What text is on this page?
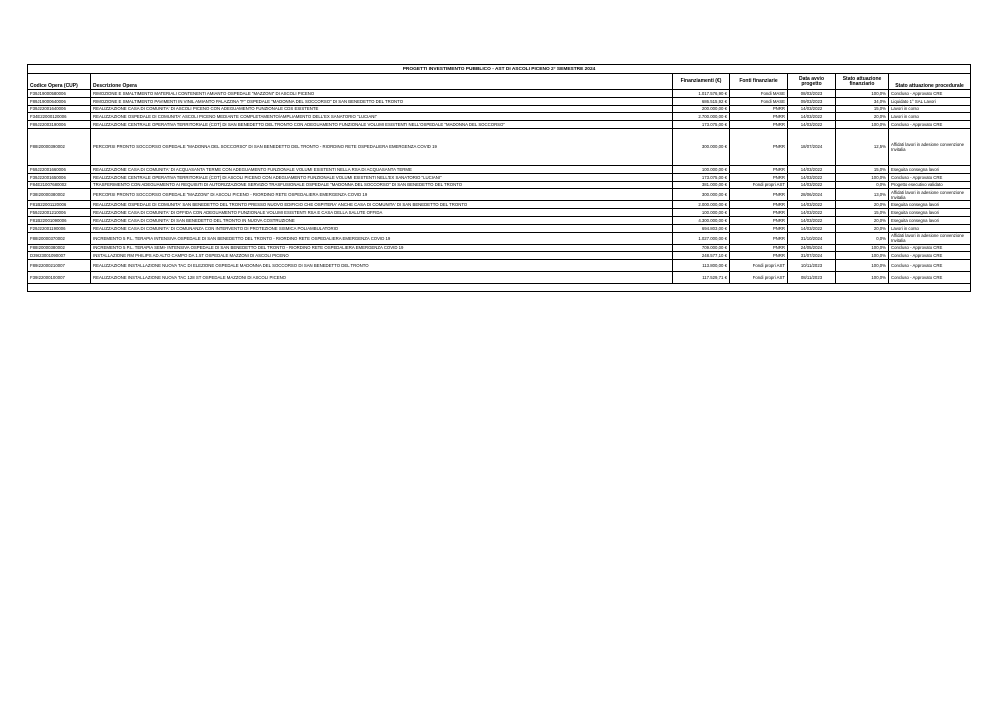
PROGETTI INVESTIMENTO PUBBLICO - AST DI ASCOLI PICENO 2° SEMESTRE 2024						
Codice Opera (CUP)	Descrizione Opera	Finanziamenti (€)	Fonti finanziarie	Data avvio progetto	Stato attuazione finanziario	Stato attuazione procedurale
F39J19000580006	RIMOZIONE E SMALTIMENTO MATERIALI CONTENENTI AMIANTO OSPEDALE "MAZZONI" DI ASCOLI PICENO	1.017.576,90 €	Fondi MASE	08/03/2023	100,0%	Concluso - Approvato CRE
F89J19000640006	RIMOZIONE E SMALTIMENTO PAVIMENTI IN VINIL AMIANTO PALAZZINA "F" OSPEDALE "MADONNA DEL SOCCORSO" DI SAN BENEDETTO DEL TRONTO	686.515,92 €	Fondi MASE	09/03/2023	34,0%	Liquidato 1° SAL Lavori
F39J22001640006	REALIZZAZIONE CASA DI COMUNITA' DI ASCOLI PICENO CON ADEGUAMENTO FUNZIONALE CDS ESISTENTE	200.000,00 €	PNRR	14/03/2022	15,0%	Lavori in corso
F34E22000120006	REALIZZAZIONE OSPEDALE DI COMUNITA' ASCOLI PICENO MEDIANTE COMPLETAMENTO/AMPLIAMENTO DELL'EX SANATORIO "LUCIANI"	2.700.000,00 €	PNRR	14/03/2022	20,0%	Lavori in corso
F89J22003190006	REALIZZAZIONE CENTRALE OPERATIVA TERRITORIALE (COT) DI SAN BENEDETTO DEL TRONTO CON ADEGUAMENTO FUNZIONALE VOLUMI ESISTENTI NELL'OSPEDALE "MADONNA DEL SOCCORSO"	173.075,00 €	PNRR	14/03/2022	100,0%	Concluso - Approvato CRE
F88I20000390002	PERCORSI PRONTO SOCCORSO OSPEDALE "MADONNA DEL SOCCORSO" DI SAN BENEDETTO DEL TRONTO - RIORDINO RETE OSPEDALIERA EMERGENZA COVID 19	300.000,00 €	PNRR	18/07/2024	12,5%	Affidati lavori in adesione convenzione Invitalia
F69J22001660006	REALIZZAZIONE CASA DI COMUNITA' DI ACQUASANTA TERME CON ADEGUAMENTO FUNZIONALE VOLUMI ESISTENTI NELLA RSA DI ACQUASANTA TERME	100.000,00 €	PNRR	14/03/2022	15,0%	Eseguita consegna lavori
F39J22001650006	REALIZZAZIONE CENTRALE OPERATIVA TERRITORIALE (COT) DI ASCOLI PICENO CON ADEGUAMENTO FUNZIONALE VOLUMI ESISTENTI NELL'EX SANATORIO "LUCIANI"	173.075,00 €	PNRR	14/03/2022	100,0%	Concluso - Approvato CRE
F84E21007680002	TRASFERIMENTO CON ADEGUAMENTO AI REQUISITI DI AUTORIZZAZIONE SERVIZIO TRASFUSIONALE OSPEDALE "MADONNA DEL SOCCORSO" DI SAN BENEDETTO DEL TRONTO	381.000,00 €	Fondi propri AST	14/03/2022	0,0%	Progetto esecutivo validato
F38I20000380002	PERCORSI PRONTO SOCCORSO OSPEDALE "MAZZONI" DI ASCOLI PICENO - RIORDINO RETE OSPEDALIERA EMERGENZA COVID 19	300.000,00 €	PNRR	28/06/2024	13,0%	Affidati lavori in adesione convenzione Invitalia
F81B22001120006	REALIZZAZIONE OSPEDALE DI COMUNITA' SAN BENEDETTO DEL TRONTO PRESSO NUOVO EDIFICIO CHE OSPITERA' ANCHE CASA DI COMUNITA' DI SAN BENEDETTO DEL TRONTO	2.000.000,00 €	PNRR	14/03/2022	20,0%	Eseguita consegna lavori
F59J22001210006	REALIZZAZIONE CASA DI COMUNITA' DI OFFIDA CON ADEGUAMENTO FUNZIONALE VOLUMI ESISTENTI RSA E CASA DELLA SALUTE OFFIDA	100.000,00 €	PNRR	14/03/2022	15,0%	Eseguita consegna lavori
F81B22001090006	REALIZZAZIONE CASA DI COMUNITA' DI SAN BENEDETTO DEL TRONTO IN NUOVA COSTRUZIONE	4.300.000,00 €	PNRR	14/03/2022	20,0%	Eseguita consegna lavori
F29J22001190006	REALIZZAZIONE CASA DI COMUNITA' DI COMUNANZA CON INTERVENTO DI PROTEZIONE SISMICA POLIAMBULATORIO	694.803,00 €	PNRR	14/03/2022	20,0%	Lavori in corso
F88I20000370002	INCREMENTO 5 P.L. TERAPIA INTENSIVA OSPEDALE DI SAN BENEDETTO DEL TRONTO - RIORDINO RETE OSPEDALIERA EMERGENZA COVID 19	1.027.000,00 €	PNRR	31/10/2024	0,0%	Affidati lavori in adesione convenzione Invitalia
F88I20000380002	INCREMENTO 5 P.L. TERAPIA SEMI- INTENSIVA OSPEDALE DI SAN BENEDETTO DEL TRONTO - RIORDINO RETE OSPEDALIERA EMERGENZA COVID 19	709.000,00 €	PNRR	24/05/2024	100,0%	Concluso - Approvato CRE
D39I23001090007	INSTALLAZIONE RM PHILIPS AD ALTO CAMPO DA 1.5T OSPEDALE MAZZONI DI ASCOLI PICENO	248.577,10 €	PNRR	31/07/2024	100,0%	Concluso - Approvato CRE
F89I22000210007	REALIZZAZIONE INSTALLAZIONE NUOVA TAC DI ELEZIONE OSPEDALE MADONNA DEL SOCCORSO DI SAN BENEDETTO DEL TRONTO	113.800,00 €	Fondi propri AST	10/11/2023	100,0%	Concluso - Approvato CRE
F39I22000100007	REALIZZAZIONE INSTALLAZIONE NUOVA TAC 128 ST OSPEDALE MAZZONI DI ASCOLI PICENO	117.529,71 €	Fondi propri AST	08/11/2023	100,0%	Concluso - Approvato CRE
